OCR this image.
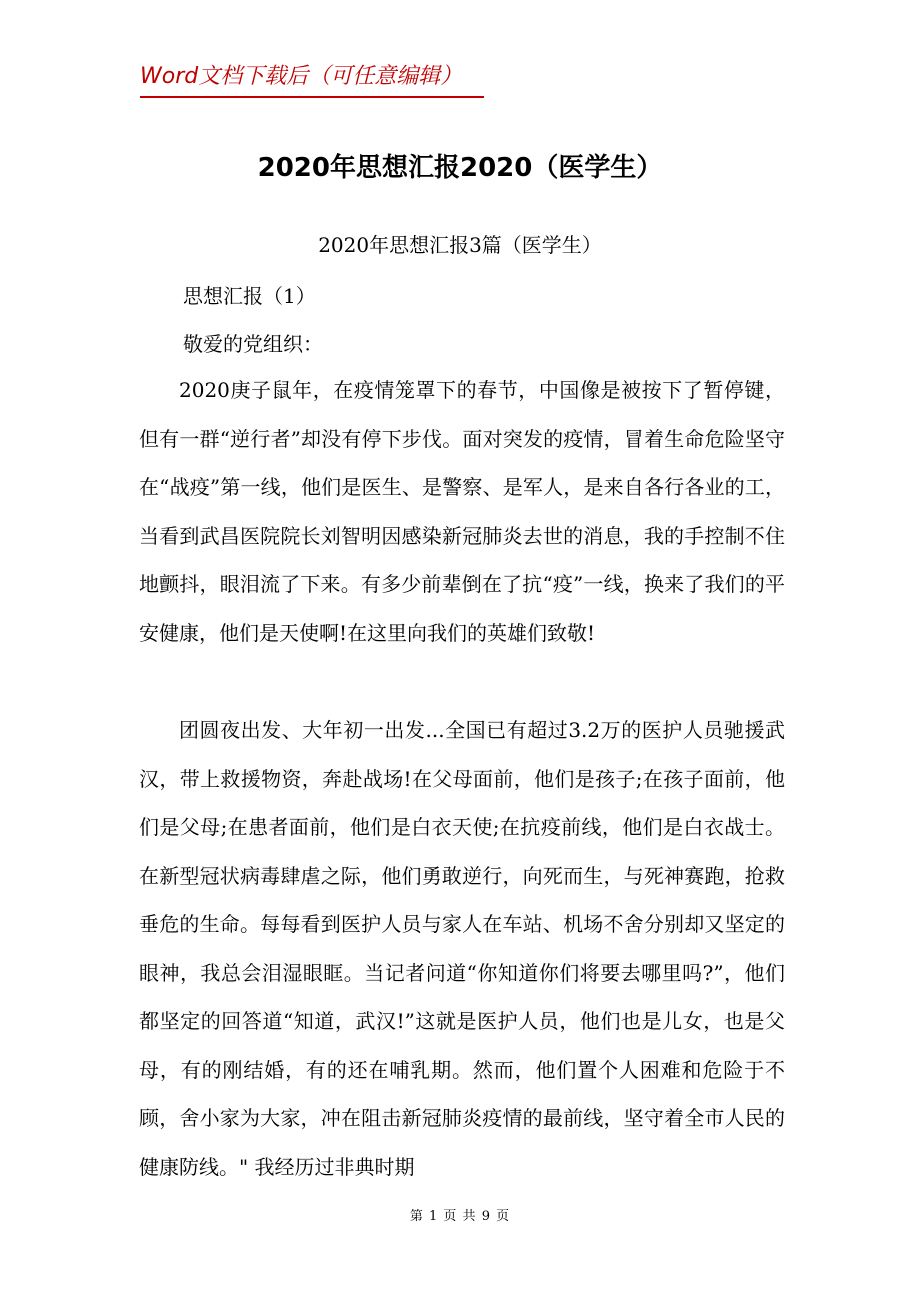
Word文档下载后（可任意编辑）
2020年思想汇报2020（医学生）
2020年思想汇报3篇（医学生）
思想汇报（1）
敬爱的党组织：

2020庚子鼠年，在疫情笼罩下的春节，中国像是被按下了暂停键，但有一群“逆行者”却没有停下步伐。面对突发的疫情，冒着生命危险坚守在“战疫”第一线，他们是医生、是警察、是军人，是来自各行各业的工，当看到武昌医院院长刘智明因感染新冠肺炎去世的消息，我的手控制不住地颤抖，眼泪流了下来。有多少前辈倒在了抗“疫”一线，换来了我们的平安健康，他们是天使啊!在这里向我们的英雄们致敬!

团圆夜出发、大年初一出发...全国已有超过3.2万的医护人员驰援武汉，带上救援物资，奔赴战场!在父母面前，他们是孩子;在孩子面前，他们是父母;在患者面前，他们是白衣天使;在抗疫前线，他们是白衣战士。在新型冠状病毒肆虐之际，他们勇敢逆行，向死而生，与死神赛跑，抢救垂危的生命。每每看到医护人员与家人在车站、机场不舍分别却又坚定的眼神，我总会泪湿眼眶。当记者问道“你知道你们将要去哪里吗?”，他们都坚定的回答道“知道，武汉!”这就是医护人员，他们也是儿女，也是父母，有的刚结婚，有的还在哺乳期。然而，他们置个人困难和危险于不顾，舍小家为大家，冲在阻击新冠肺炎疫情的最前线，坚守着全市人民的健康防线。" 我经历过非典时期

第 1 页 共 9 页
